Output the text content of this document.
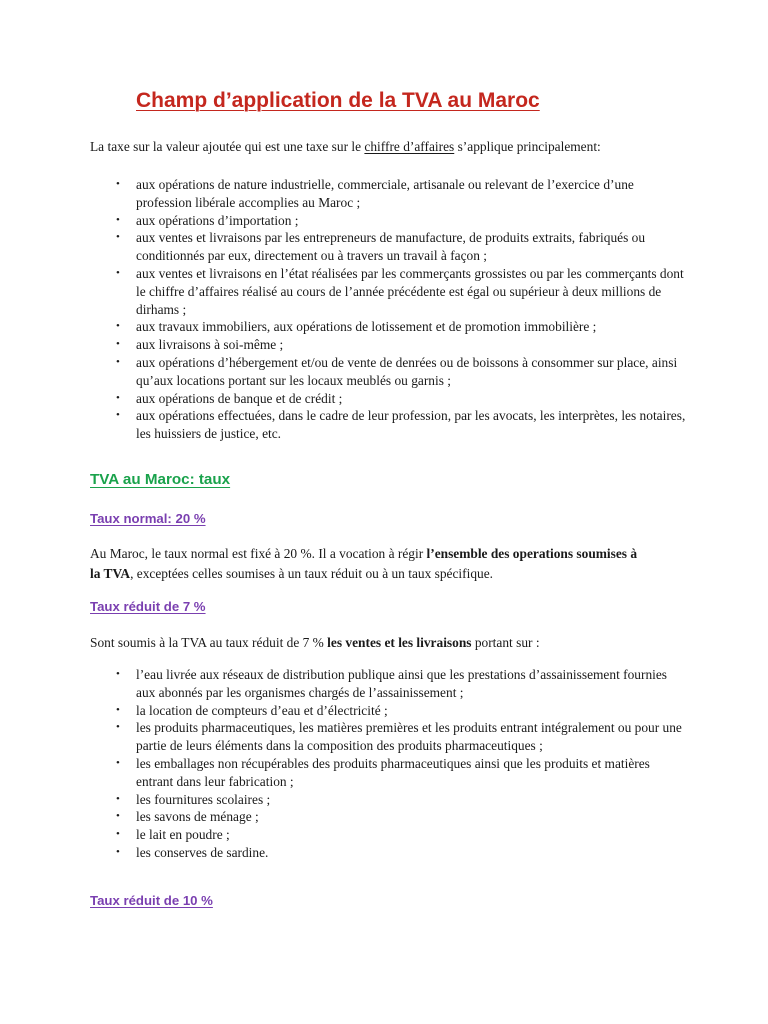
Champ d’application de la TVA au Maroc

La taxe sur la valeur ajoutée qui est une taxe sur le chiffre d’affaires s’applique principalement:

• aux opérations de nature industrielle, commerciale, artisanale ou relevant de l’exercice d’une profession libérale accomplies au Maroc ;
• aux opérations d’importation ;
• aux ventes et livraisons par les entrepreneurs de manufacture, de produits extraits, fabriqués ou conditionnés par eux, directement ou à travers un travail à façon ;
• aux ventes et livraisons en l’état réalisées par les commerçants grossistes ou par les commerçants dont le chiffre d’affaires réalisé au cours de l’année précédente est égal ou supérieur à deux millions de dirhams ;
• aux travaux immobiliers, aux opérations de lotissement et de promotion immobilière ;
• aux livraisons à soi-même ;
• aux opérations d’hébergement et/ou de vente de denrées ou de boissons à consommer sur place, ainsi qu’aux locations portant sur les locaux meublés ou garnis ;
• aux opérations de banque et de crédit ;
• aux opérations effectuées, dans le cadre de leur profession, par les avocats, les interprètes, les notaires, les huissiers de justice, etc.
TVA au Maroc: taux
Taux normal: 20 %

Au Maroc, le taux normal est fixé à 20 %. Il a vocation à régir l’ensemble des operations soumises à la TVA, exceptées celles soumises à un taux réduit ou à un taux spécifique.

Taux réduit de 7 %

Sont soumis à la TVA au taux réduit de 7 % les ventes et les livraisons portant sur :

• l’eau livrée aux réseaux de distribution publique ainsi que les prestations d’assainissement fournies aux abonnés par les organismes chargés de l’assainissement ;
• la location de compteurs d’eau et d’électricité ;
• les produits pharmaceutiques, les matières premières et les produits entrant intégralement ou pour une partie de leurs éléments dans la composition des produits pharmaceutiques ;
• les emballages non récupérables des produits pharmaceutiques ainsi que les produits et matières entrant dans leur fabrication ;
• les fournitures scolaires ;
• les savons de ménage ;
• le lait en poudre ;
• les conserves de sardine.
Taux réduit de 10 %
